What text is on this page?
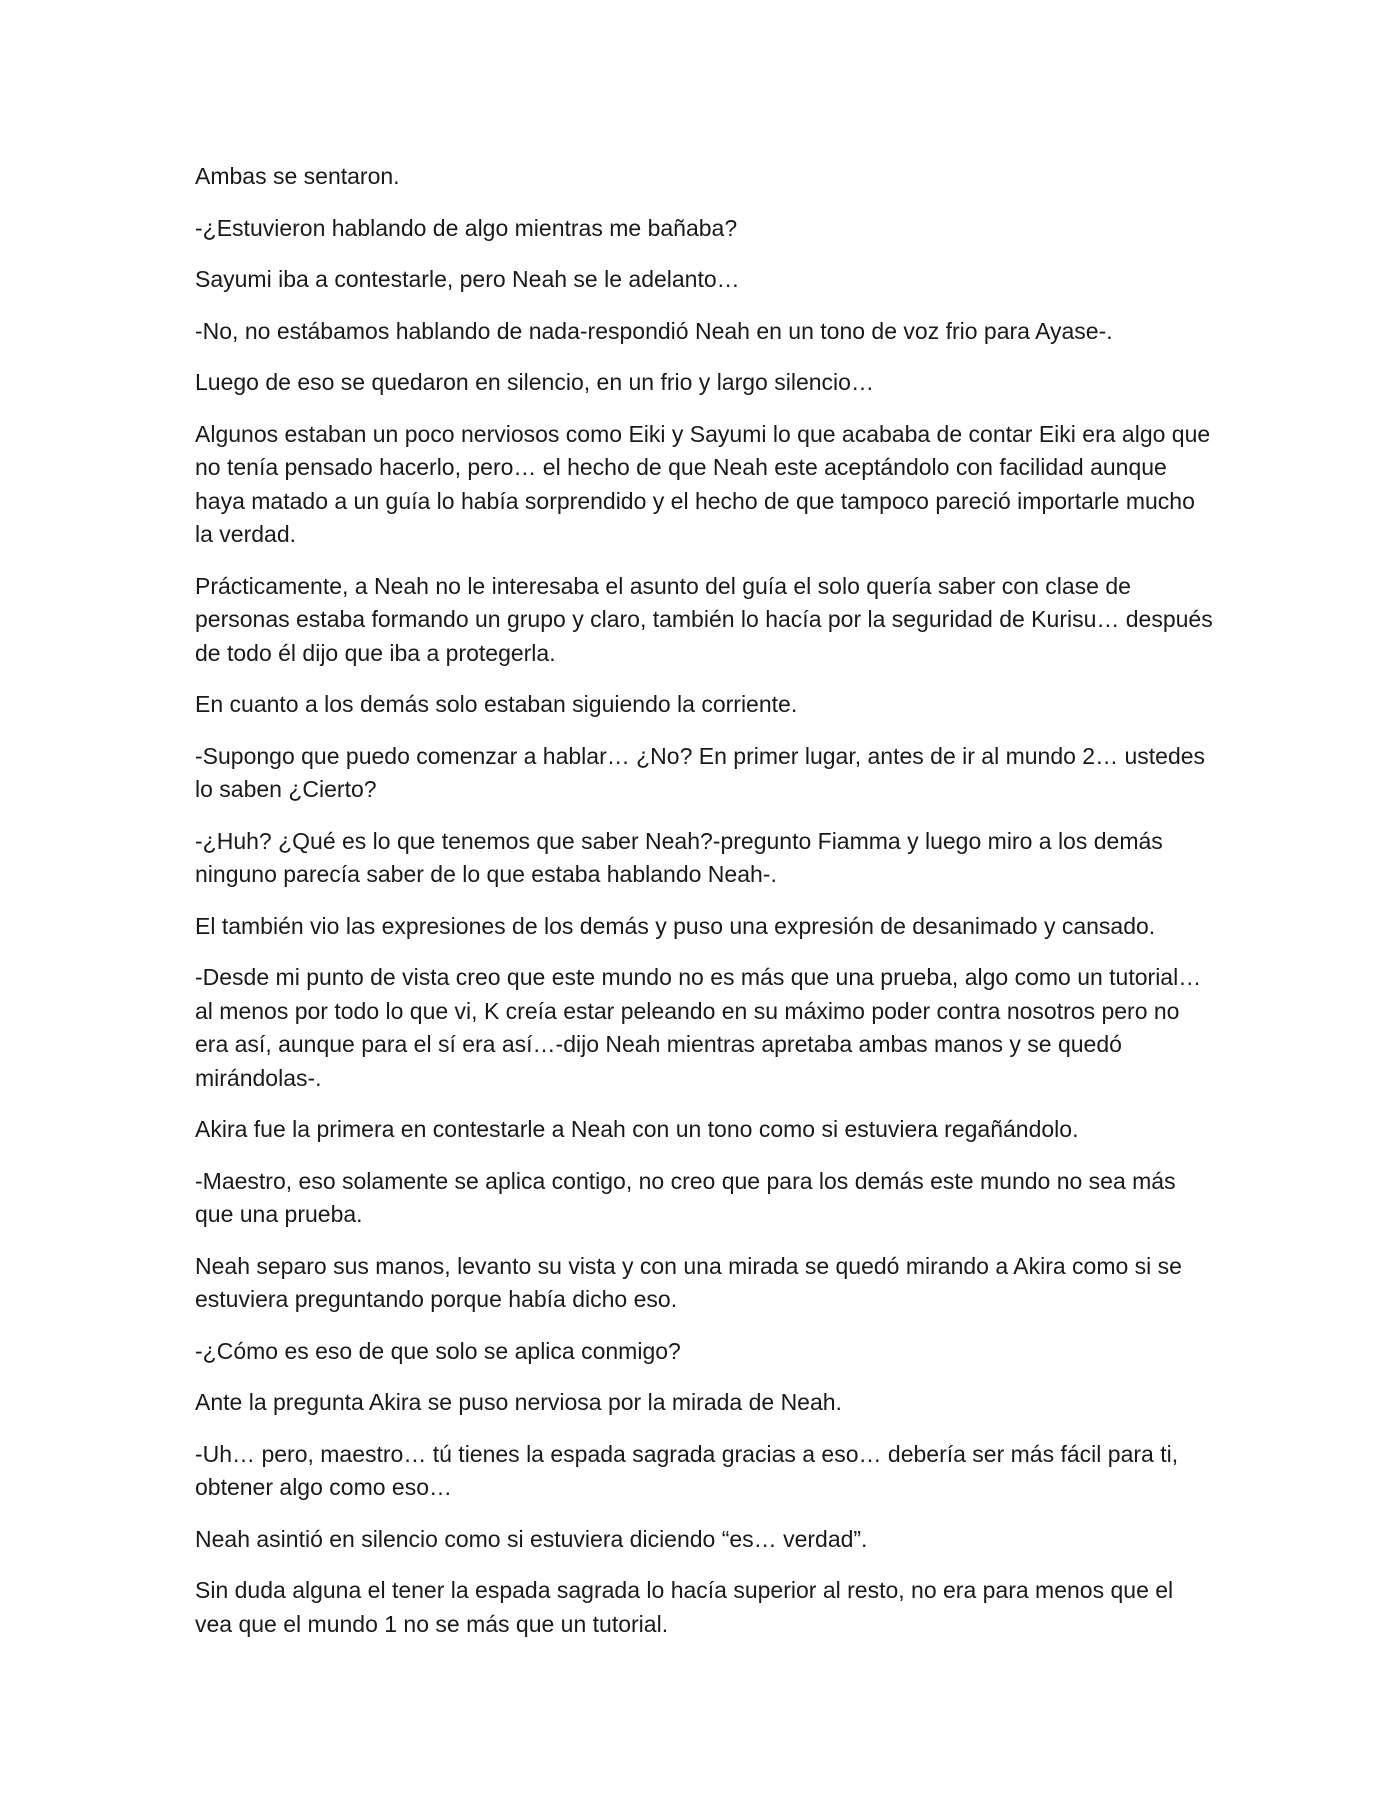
Ambas se sentaron.

-¿Estuvieron hablando de algo mientras me bañaba?

Sayumi iba a contestarle, pero Neah se le adelanto…

-No, no estábamos hablando de nada-respondió Neah en un tono de voz frio para Ayase-.

Luego de eso se quedaron en silencio, en un frio y largo silencio…

Algunos estaban un poco nerviosos como Eiki y Sayumi lo que acababa de contar Eiki era algo que no tenía pensado hacerlo, pero… el hecho de que Neah este aceptándolo con facilidad aunque haya matado a un guía lo había sorprendido y el hecho de que tampoco pareció importarle mucho la verdad.

Prácticamente, a Neah no le interesaba el asunto del guía el solo quería saber con clase de personas estaba formando un grupo y claro, también lo hacía por la seguridad de Kurisu… después de todo él dijo que iba a protegerla.

En cuanto a los demás solo estaban siguiendo la corriente.

-Supongo que puedo comenzar a hablar… ¿No? En primer lugar, antes de ir al mundo 2… ustedes lo saben ¿Cierto?

-¿Huh? ¿Qué es lo que tenemos que saber Neah?-pregunto Fiamma y luego miro a los demás ninguno parecía saber de lo que estaba hablando Neah-.

El también vio las expresiones de los demás y puso una expresión de desanimado y cansado.

-Desde mi punto de vista creo que este mundo no es más que una prueba, algo como un tutorial… al menos por todo lo que vi, K creía estar peleando en su máximo poder contra nosotros pero no era así, aunque para el sí era así…-dijo Neah mientras apretaba ambas manos y se quedó mirándolas-.

Akira fue la primera en contestarle a Neah con un tono como si estuviera regañándolo.

-Maestro, eso solamente se aplica contigo, no creo que para los demás este mundo no sea más que una prueba.

Neah separo sus manos, levanto su vista y con una mirada se quedó mirando a Akira como si se estuviera preguntando porque había dicho eso.

-¿Cómo es eso de que solo se aplica conmigo?

Ante la pregunta Akira se puso nerviosa por la mirada de Neah.

-Uh… pero, maestro… tú tienes la espada sagrada gracias a eso… debería ser más fácil para ti, obtener algo como eso…

Neah asintió en silencio como si estuviera diciendo “es… verdad”.

Sin duda alguna el tener la espada sagrada lo hacía superior al resto, no era para menos que el vea que el mundo 1 no se más que un tutorial.
